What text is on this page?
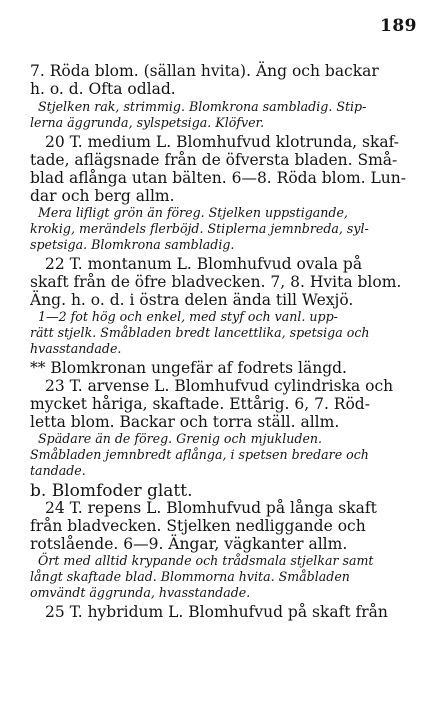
189
7. Röda blom. (sällan hvita). Äng och backar
h. o. d. Ofta odlad.
Stjelken rak, strimmig. Blomkrona sambladig. Stip-
lerna äggrunda, sylspetsiga. Klöfver.
20 T. medium L. Blomhufvud klotrunda, skaf-
tade, aflägsnade från de öfversta bladen. Små-
blad aflånga utan bälten. 6—8. Röda blom. Lun-
dar och berg allm.
Mera lifligt grön än föreg. Stjelken uppstigande,
krokig, merändels flerböjd. Stiplerna jemnbreda, syl-
spetsiga. Blomkrona sambladig.
22 T. montanum L. Blomhufvud ovala på
skaft från de öfre bladvecken. 7, 8. Hvita blom.
Äng. h. o. d. i östra delen ända till Wexjö.
1—2 fot hög och enkel, med styf och vanl. upp-
rätt stjelk. Småbladen bredt lancettlika, spetsiga och
hvasstandade.
** Blomkronan ungefär af fodrets längd.
23 T. arvense L. Blomhufvud cylindriska och
mycket håriga, skaftade. Ettårig. 6, 7. Röd-
letta blom. Backar och torra ställ. allm.
Spädare än de föreg. Grenig och mjukluden.
Småbladen jemnbredt aflånga, i spetsen bredare och
tandade.
b. Blomfoder glatt.
24 T. repens L. Blomhufvud på långa skaft
från bladvecken. Stjelken nedliggande och
rotslående. 6—9. Ängar, vägkanter allm.
Ört med alltid krypande och trådsmala stjelkar samt
långt skaftade blad. Blommorna hvita. Småbladen
omvändt äggrunda, hvasstandade.
25 T. hybridum L. Blomhufvud på skaft från
